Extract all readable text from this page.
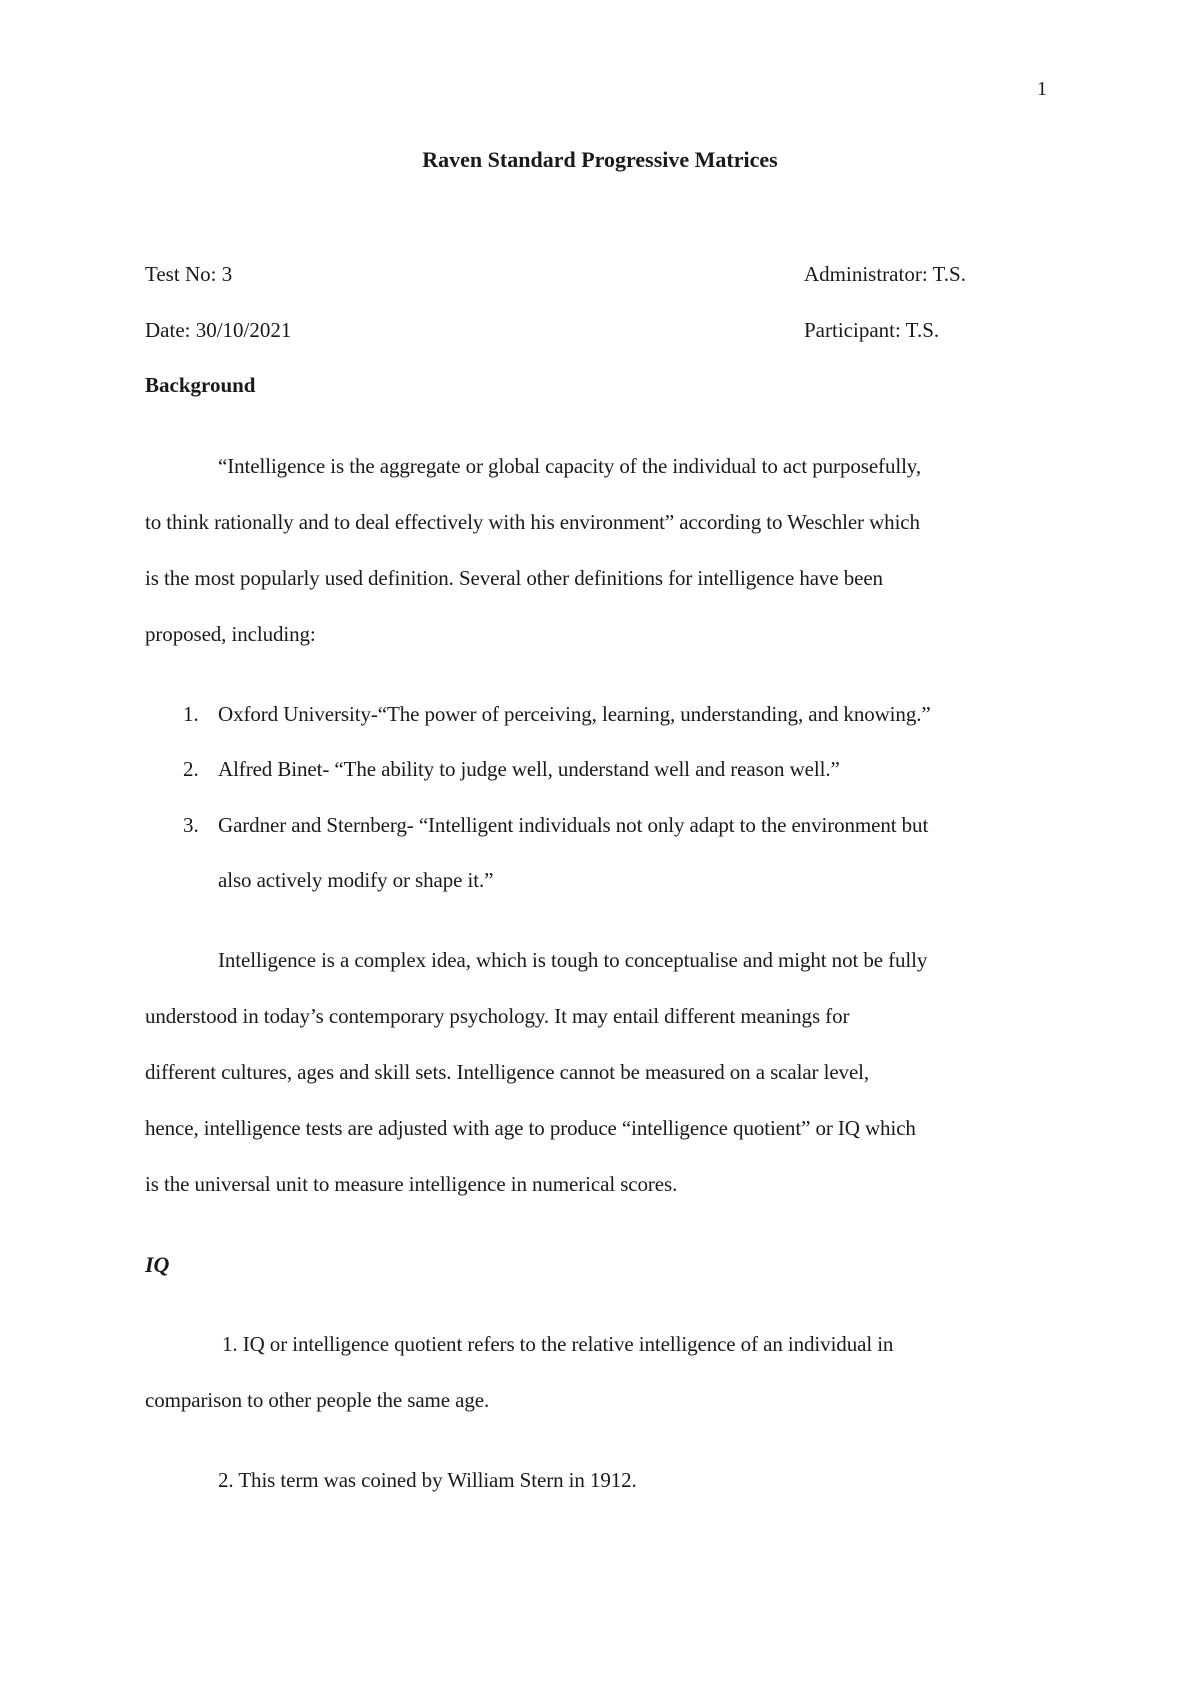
1
Raven Standard Progressive Matrices
Test No: 3	Administrator: T.S.
Date: 30/10/2021	Participant: T.S.
Background
“Intelligence is the aggregate or global capacity of the individual to act purposefully,
to think rationally and to deal effectively with his environment” according to Weschler which
is the most popularly used definition. Several other definitions for intelligence have been
proposed, including:
1. Oxford University-“The power of perceiving, learning, understanding, and knowing.”
2. Alfred Binet- “The ability to judge well, understand well and reason well.”
3. Gardner and Sternberg- “Intelligent individuals not only adapt to the environment but
also actively modify or shape it.”
Intelligence is a complex idea, which is tough to conceptualise and might not be fully
understood in today’s contemporary psychology. It may entail different meanings for
different cultures, ages and skill sets. Intelligence cannot be measured on a scalar level,
hence, intelligence tests are adjusted with age to produce “intelligence quotient” or IQ which
is the universal unit to measure intelligence in numerical scores.
IQ
1. IQ or intelligence quotient refers to the relative intelligence of an individual in
comparison to other people the same age.
2. This term was coined by William Stern in 1912.
